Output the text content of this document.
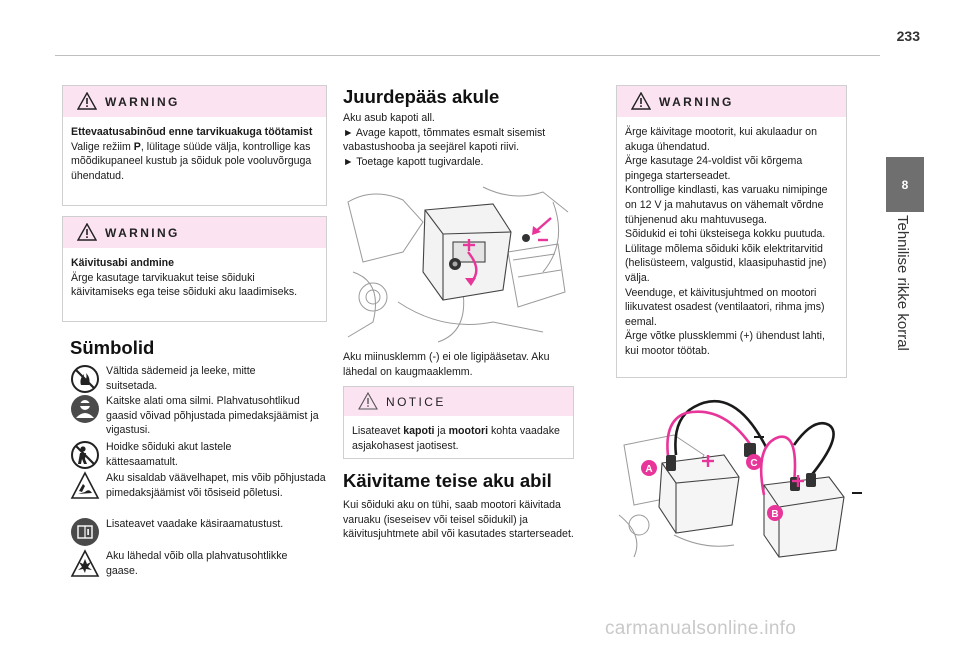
233
8
Tehnilise rikke korral
WARNING
Ettevaatusabinõud enne tarvikuakuga töötamist
Valige režiim P, lülitage süüde välja, kontrollige kas mõõdikupaneel kustub ja sõiduk pole vooluvõrguga ühendatud.
WARNING
Käivitusabi andmine
Ärge kasutage tarvikuakut teise sõiduki käivitamiseks ega teise sõiduki aku laadimiseks.
Sümbolid
Vältida sädemeid ja leeke, mitte suitsetada.
Kaitske alati oma silmi. Plahvatusohtlikud gaasid võivad põhjustada pimedaksjäämist ja vigastusi.
Hoidke sõiduki akut lastele kättesaamatult.
Aku sisaldab väävelhapet, mis võib põhjustada pimedaksjäämist või tõsiseid põletusi.
Lisateavet vaadake käsiraamatustust.
Aku lähedal võib olla plahvatusohtlikke gaase.
Juurdepääs akule
Aku asub kapoti all.
► Avage kapott, tõmmates esmalt sisemist vabastushooba ja seejärel kapoti riivi.
► Toetage kapott tugivardale.
Aku miinusklemm (-) ei ole ligipääsetav. Aku lähedal on kaugmaaklemm.
NOTICE
Lisateavet kapoti ja mootori kohta vaadake asjakohasest jaotisest.
Käivitame teise aku abil
Kui sõiduki aku on tühi, saab mootori käivitada varuaku (iseseisev või teisel sõidukil) ja käivitusjuhtmete abil või kasutades starterseadet.
WARNING
Ärge käivitage mootorit, kui akulaadur on akuga ühendatud.
Ärge kasutage 24-voldist või kõrgema pingega starterseadet.
Kontrollige kindlasti, kas varuaku nimipinge on 12 V ja mahutavus on vähemalt võrdne tühjenenud aku mahtuvusega.
Sõidukid ei tohi üksteisega kokku puutuda.
Lülitage mõlema sõiduki kõik elektritarvitid (helisüsteem, valgustid, klaasipuhastid jne) välja.
Veenduge, et käivitusjuhtmed on mootori liikuvatest osadest (ventilaatori, rihma jms) eemal.
Ärge võtke plussklemmi (+) ühendust lahti, kui mootor töötab.
A
C
B
carmanualsonline.info
